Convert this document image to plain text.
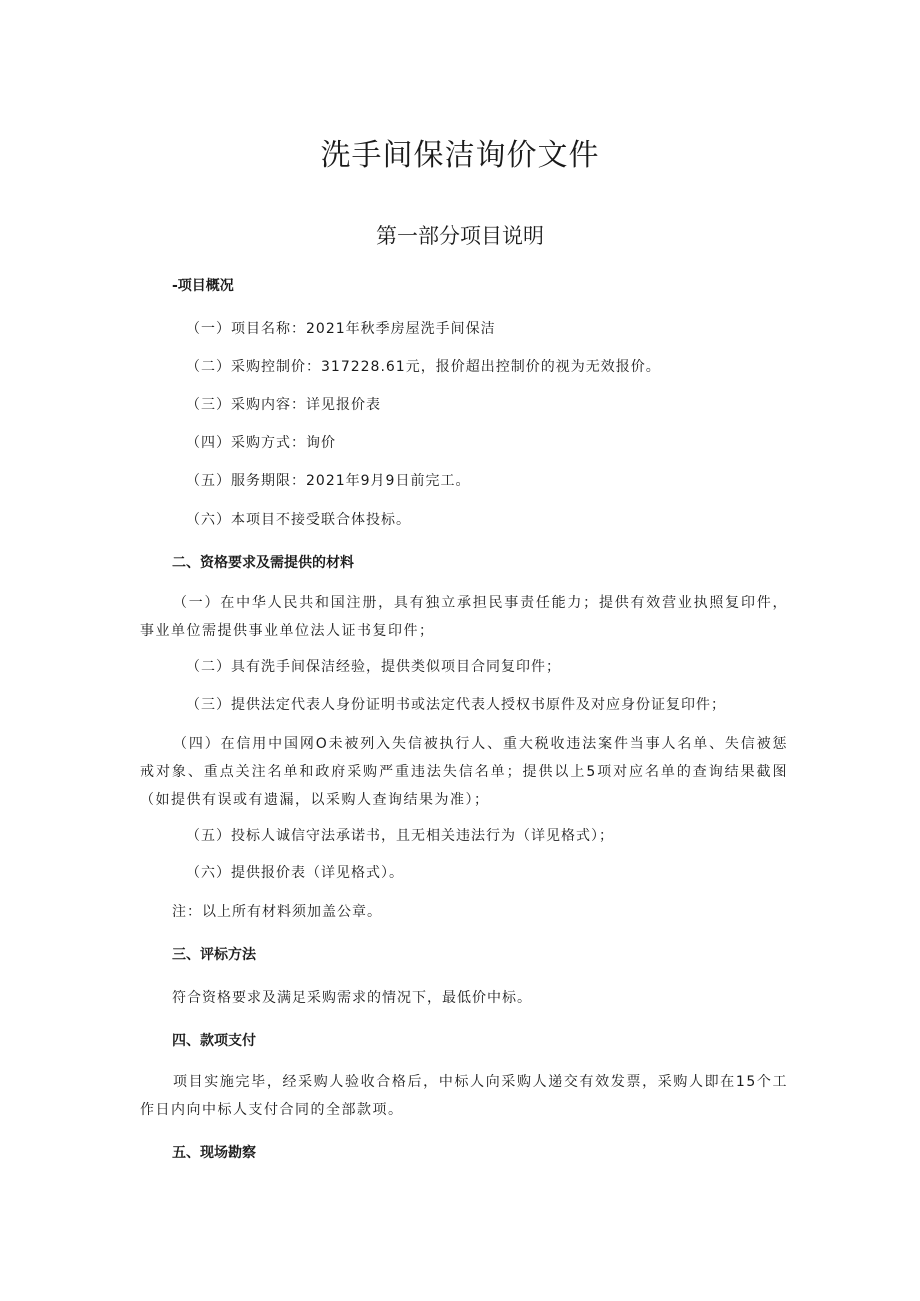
洗手间保洁询价文件
第一部分项目说明
-项目概况
（一）项目名称：2021年秋季房屋洗手间保洁
（二）采购控制价：317228.61元，报价超出控制价的视为无效报价。
（三）采购内容：详见报价表
（四）采购方式：询价
（五）服务期限：2021年9月9日前完工。
（六）本项目不接受联合体投标。
二、资格要求及需提供的材料
（一）在中华人民共和国注册，具有独立承担民事责任能力；提供有效营业执照复印件，事业单位需提供事业单位法人证书复印件；
（二）具有洗手间保洁经验，提供类似项目合同复印件；
（三）提供法定代表人身份证明书或法定代表人授权书原件及对应身份证复印件；
（四）在信用中国网O未被列入失信被执行人、重大税收违法案件当事人名单、失信被惩戒对象、重点关注名单和政府采购严重违法失信名单；提供以上5项对应名单的查询结果截图（如提供有误或有遗漏，以采购人查询结果为准）；
（五）投标人诚信守法承诺书，且无相关违法行为（详见格式）；
（六）提供报价表（详见格式）。
注：以上所有材料须加盖公章。
三、评标方法
符合资格要求及满足采购需求的情况下，最低价中标。
四、款项支付
项目实施完毕，经采购人验收合格后，中标人向采购人递交有效发票，采购人即在15个工作日内向中标人支付合同的全部款项。
五、现场勘察
